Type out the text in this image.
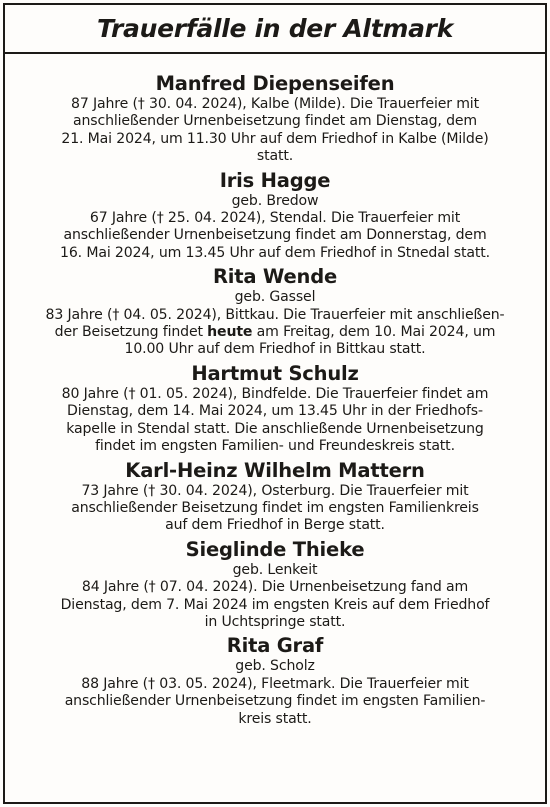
Trauerfälle in der Altmark
Manfred Diepenseifen
87 Jahre († 30. 04. 2024), Kalbe (Milde). Die Trauerfeier mit
anschließender Urnenbeisetzung findet am Dienstag, dem
21. Mai 2024, um 11.30 Uhr auf dem Friedhof in Kalbe (Milde)
statt.
Iris Hagge
geb. Bredow
67 Jahre († 25. 04. 2024), Stendal. Die Trauerfeier mit
anschließender Urnenbeisetzung findet am Donnerstag, dem
16. Mai 2024, um 13.45 Uhr auf dem Friedhof in Stnedal statt.
Rita Wende
geb. Gassel
83 Jahre († 04. 05. 2024), Bittkau. Die Trauerfeier mit anschließen-
der Beisetzung findet heute am Freitag, dem 10. Mai 2024, um
10.00 Uhr auf dem Friedhof in Bittkau statt.
Hartmut Schulz
80 Jahre († 01. 05. 2024), Bindfelde. Die Trauerfeier findet am
Dienstag, dem 14. Mai 2024, um 13.45 Uhr in der Friedhofs-
kapelle in Stendal statt. Die anschließende Urnenbeisetzung
findet im engsten Familien- und Freundeskreis statt.
Karl-Heinz Wilhelm Mattern
73 Jahre († 30. 04. 2024), Osterburg. Die Trauerfeier mit
anschließender Beisetzung findet im engsten Familienkreis
auf dem Friedhof in Berge statt.
Sieglinde Thieke
geb. Lenkeit
84 Jahre († 07. 04. 2024). Die Urnenbeisetzung fand am
Dienstag, dem 7. Mai 2024 im engsten Kreis auf dem Friedhof
in Uchtspringe statt.
Rita Graf
geb. Scholz
88 Jahre († 03. 05. 2024), Fleetmark. Die Trauerfeier mit
anschließender Urnenbeisetzung findet im engsten Familien-
kreis statt.
